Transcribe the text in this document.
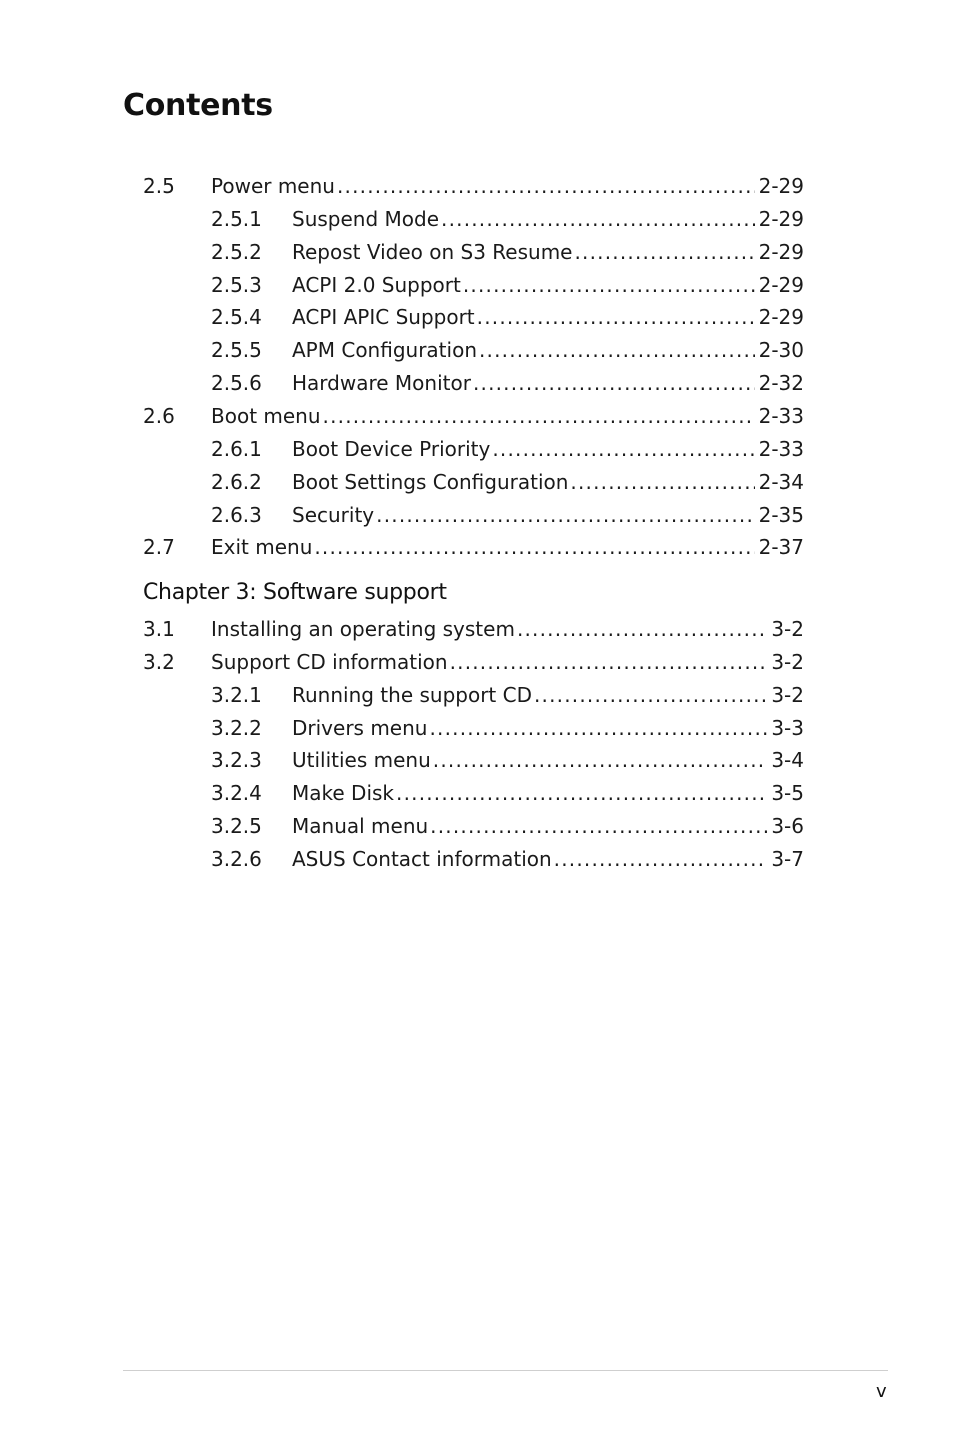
Contents
2.5 Power menu .....	2-29
2.5.1 Suspend Mode .....	2-29
2.5.2 Repost Video on S3 Resume .....	2-29
2.5.3 ACPI 2.0 Support .....	2-29
2.5.4 ACPI APIC Support .....	2-29
2.5.5 APM Configuration .....	2-30
2.5.6 Hardware Monitor .....	2-32
2.6 Boot menu .....	2-33
2.6.1 Boot Device Priority .....	2-33
2.6.2 Boot Settings Configuration .....	2-34
2.6.3 Security .....	2-35
2.7 Exit menu .....	2-37
3.1 Installing an operating system .....	3-2
3.2 Support CD information .....	3-2
3.2.1 Running the support CD .....	3-2
3.2.2 Drivers menu .....	3-3
3.2.3 Utilities menu .....	3-4
3.2.4 Make Disk .....	3-5
3.2.5 Manual menu .....	3-6
3.2.6 ASUS Contact information .....	3-7
Chapter 3: Software support
v
